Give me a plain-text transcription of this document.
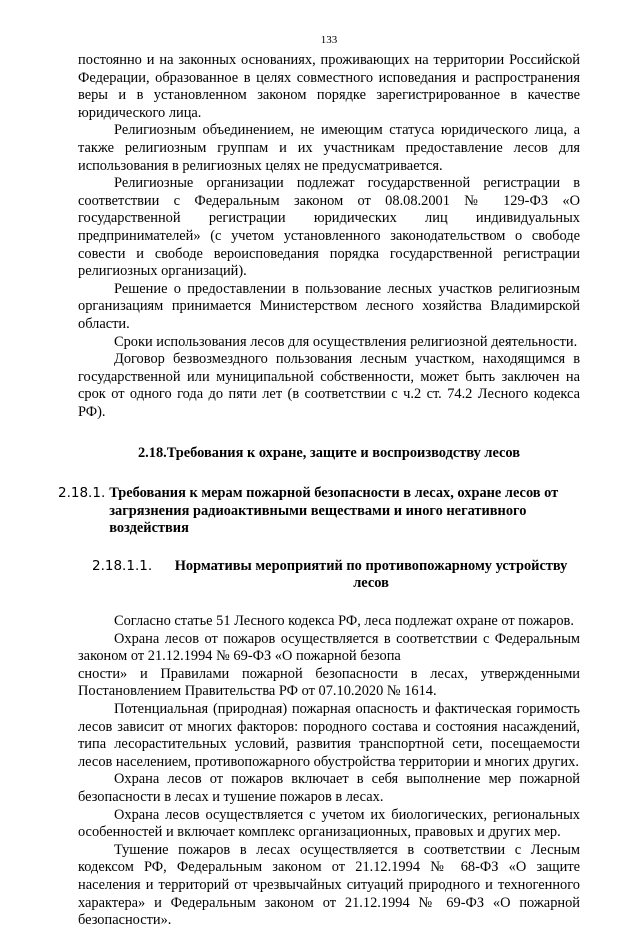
133

постоянно и на законных основаниях, проживающих на территории Российской Федерации, образованное в целях совместного исповедания и распространения веры и в установленном законом порядке зарегистрированное в качестве юридического лица.

Религиозным объединением, не имеющим статуса юридического лица, а также религиозным группам и их участникам предоставление лесов для использования в религиозных целях не предусматривается.

Религиозные организации подлежат государственной регистрации в соответствии с Федеральным законом от 08.08.2001 № 129-ФЗ «О государственной регистрации юридических лиц индивидуальных предпринимателей» (с учетом установленного законодательством о свободе совести и свободе вероисповедания порядка государственной регистрации религиозных организаций).

Решение о предоставлении в пользование лесных участков религиозным организациям принимается Министерством лесного хозяйства Владимирской области.

Сроки использования лесов для осуществления религиозной деятельности.

Договор безвозмездного пользования лесным участком, находящимся в государственной или муниципальной собственности, может быть заключен на срок от одного года до пяти лет (в соответствии с ч.2 ст. 74.2 Лесного кодекса РФ).

2.18.Требования к охране, защите и воспроизводству лесов
2.18.1. Требования к мерам пожарной безопасности в лесах, охране лесов от загрязнения радиоактивными веществами и иного негативного воздействия
2.18.1.1.	Нормативы мероприятий по противопожарному устройству лесов

Согласно статье 51 Лесного кодекса РФ, леса подлежат охране от пожаров.

Охрана лесов от пожаров осуществляется в соответствии с Федеральным законом от 21.12.1994 № 69-ФЗ «О пожарной безопа

сности» и Правилами пожарной безопасности в лесах, утвержденными Постановлением Правительства РФ от 07.10.2020 № 1614.

Потенциальная (природная) пожарная опасность и фактическая горимость лесов зависит от многих факторов: породного состава и состояния насаждений, типа лесорастительных условий, развития транспортной сети, посещаемости лесов населением, противопожарного обустройства территории и многих других.

Охрана лесов от пожаров включает в себя выполнение мер пожарной безопасности в лесах и тушение пожаров в лесах.

Охрана лесов осуществляется с учетом их биологических, региональных особенностей и включает комплекс организационных, правовых и других мер.

Тушение пожаров в лесах осуществляется в соответствии с Лесным кодексом РФ, Федеральным законом от 21.12.1994 № 68-ФЗ «О защите населения и территорий от чрезвычайных ситуаций природного и техногенного характера» и Федеральным законом от 21.12.1994 № 69-ФЗ «О пожарной безопасности».
